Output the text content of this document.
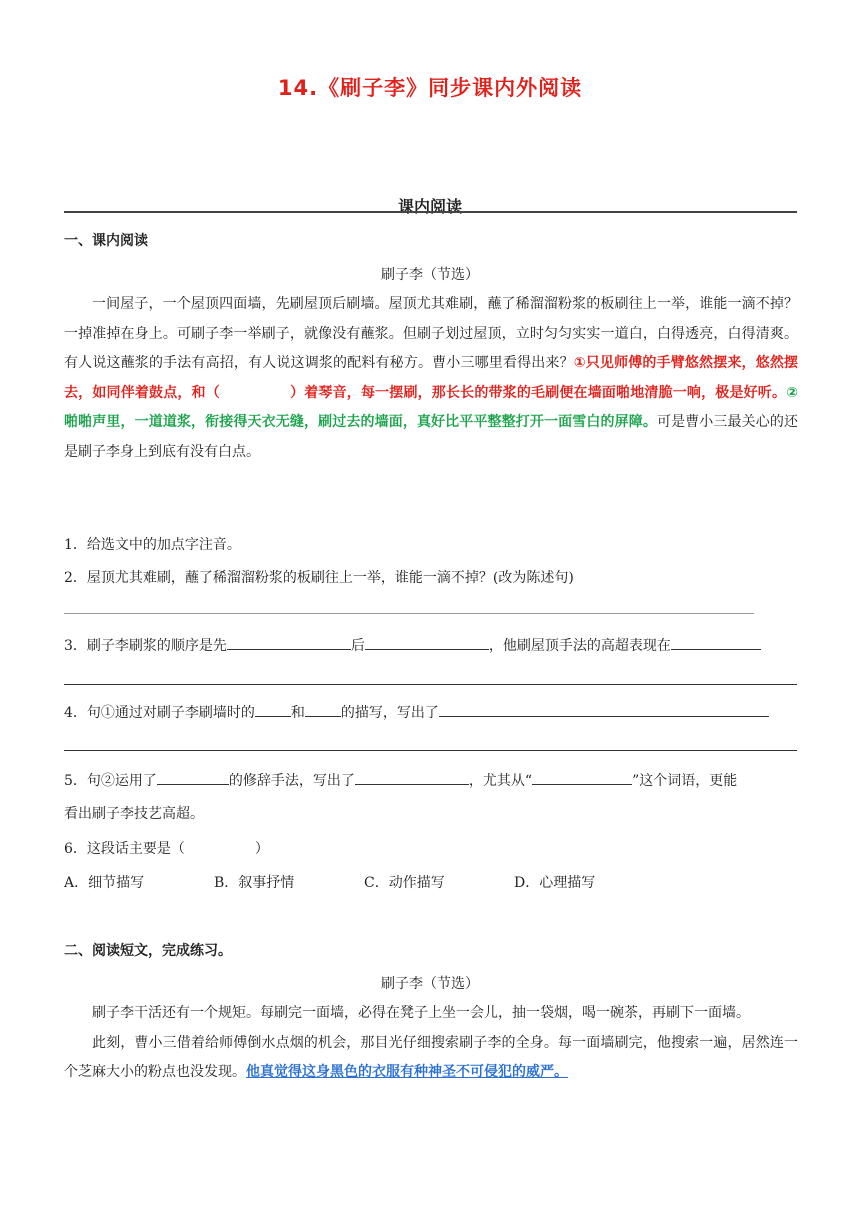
14.《刷子李》同步课内外阅读
课内阅读
一、课内阅读
刷子李（节选）

一间屋子，一个屋顶四面墙，先刷屋顶后刷墙。屋顶尤其难刷，蘸了稀溜溜粉浆的板刷往上一举，谁能一滴不掉？一掉准掉在身上。可刷子李一举刷子，就像没有蘸浆。但刷子划过屋顶，立时匀匀实实一道白，白得透亮，白得清爽。有人说这蘸浆的手法有高招，有人说这调浆的配料有秘方。曹小三哪里看得出来？①只见师傅的手臂悠然摆来，悠然摆去，如同伴着鼓点，和（	）着琴音，每一摆刷，那长长的带浆的毛刷便在墙面啪地清脆一响，极是好听。②啪啪声里，一道道浆，衔接得天衣无缝，刷过去的墙面，真好比平平整整打开一面雪白的屏障。可是曹小三最关心的还是刷子李身上到底有没有白点。

1．给选文中的加点字注音。
2．屋顶尤其难刷，蘸了稀溜溜粉浆的板刷往上一举，谁能一滴不掉？(改为陈述句)
3．刷子李刷浆的顺序是先	后	，他刷屋顶手法的高超表现在
4．句①通过对刷子李刷墙时的	和	的描写，写出了
5．句②运用了	的修辞手法，写出了	，尤其从“	”这个词语，更能
看出刷子李技艺高超。
6．这段话主要是（　　　　　）
A．细节描写	B．叙事抒情	C．动作描写	D．心理描写
二、阅读短文，完成练习。
刷子李（节选）

刷子李干活还有一个规矩。每刷完一面墙，必得在凳子上坐一会儿，抽一袋烟，喝一碗茶，再刷下一面墙。

此刻，曹小三借着给师傅倒水点烟的机会，那目光仔细搜索刷子李的全身。每一面墙刷完，他搜索一遍，居然连一个芝麻大小的粉点也没发现。他真觉得这身黑色的衣服有种神圣不可侵犯的威严。
